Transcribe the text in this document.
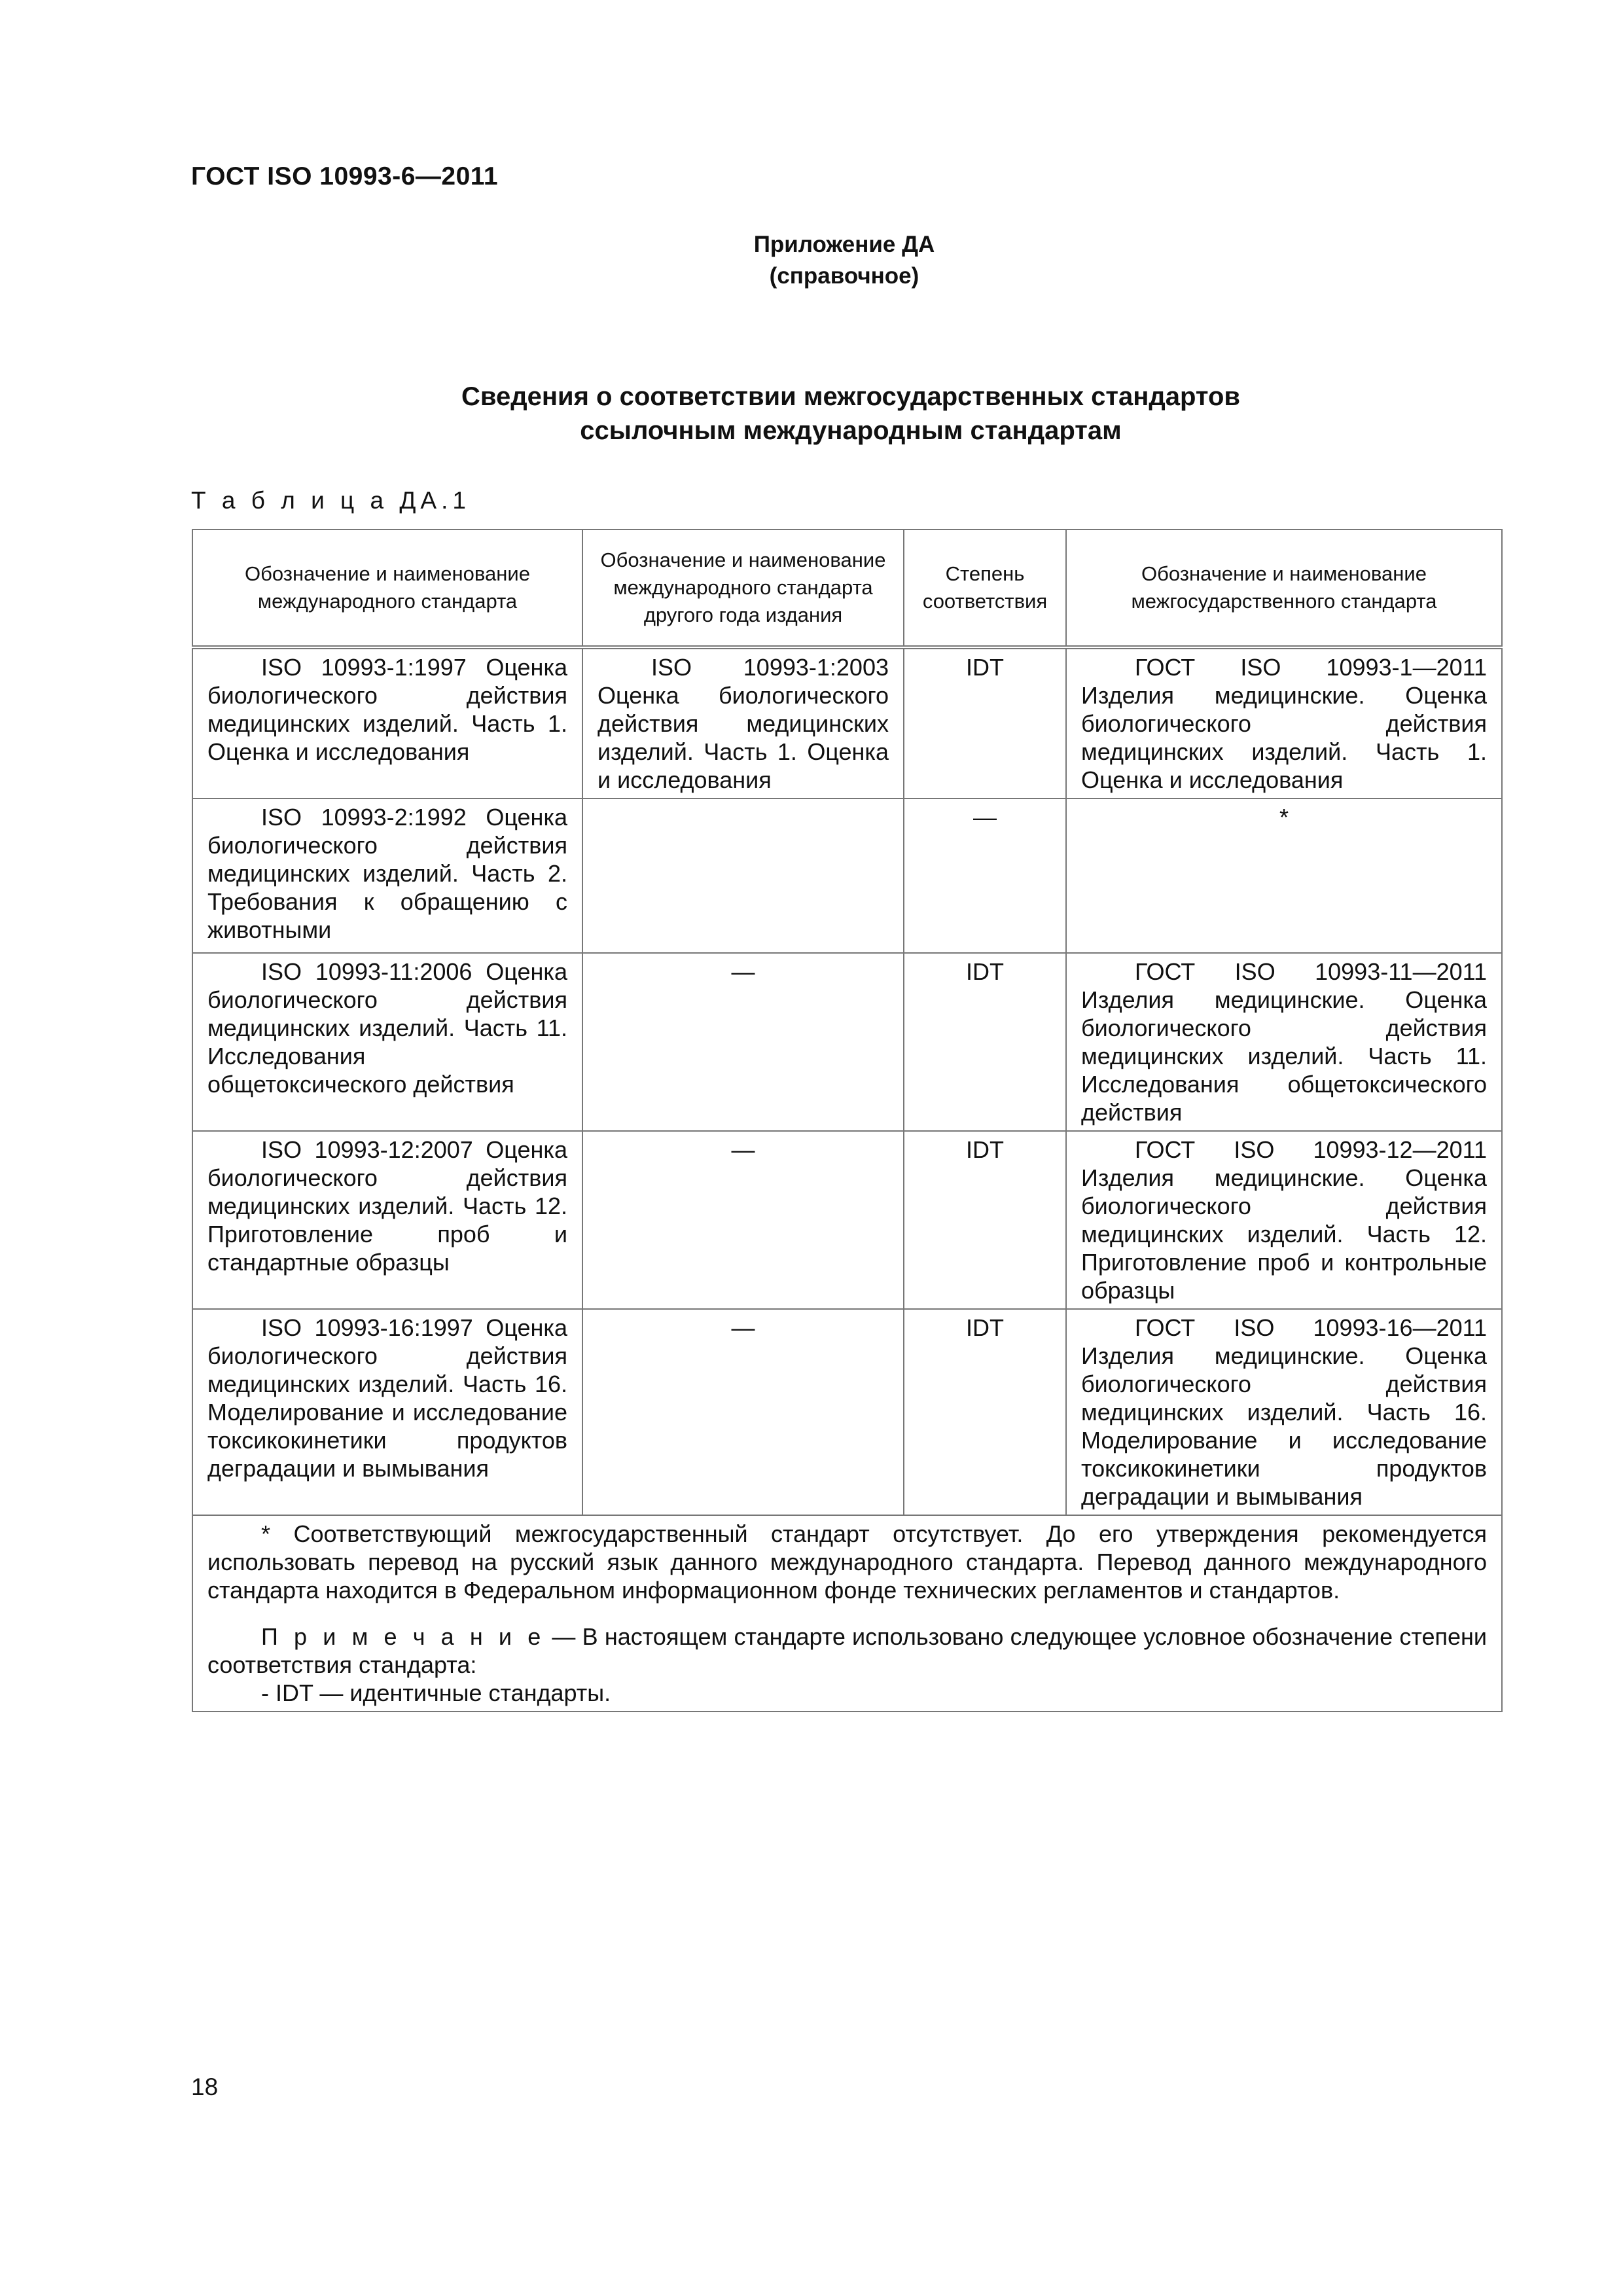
ГОСТ ISO 10993-6—2011
Приложение ДА
(справочное)
Сведения о соответствии межгосударственных стандартов
ссылочным международным стандартам
Т а б л и ц а ДА.1
Обозначение и наименование международного стандарта	Обозначение и наименование международного стандарта другого года издания	Степень соответствия	Обозначение и наименование межгосударственного стандарта
ISO 10993-1:1997 Оценка биологического действия медицинских изделий. Часть 1. Оценка и исследования	ISO 10993-1:2003 Оценка биологического действия медицинских изделий. Часть 1. Оценка и исследования	IDT	ГОСТ ISO 10993-1—2011 Изделия медицинские. Оценка биологического действия медицинских изделий. Часть 1. Оценка и исследования
ISO 10993-2:1992 Оценка биологического действия медицинских изделий. Часть 2. Требования к обращению с животными		—	*
ISO 10993-11:2006 Оценка биологического действия медицинских изделий. Часть 11. Исследования общетоксического действия	—	IDT	ГОСТ ISO 10993-11—2011 Изделия медицинские. Оценка биологического действия медицинских изделий. Часть 11. Исследования общетоксического действия
ISO 10993-12:2007 Оценка биологического действия медицинских изделий. Часть 12. Приготовление проб и стандартные образцы	—	IDT	ГОСТ ISO 10993-12—2011 Изделия медицинские. Оценка биологического действия медицинских изделий. Часть 12. Приготовление проб и контрольные образцы
ISO 10993-16:1997 Оценка биологического действия медицинских изделий. Часть 16. Моделирование и исследование токсикокинетики продуктов деградации и вымывания	—	IDT	ГОСТ ISO 10993-16—2011 Изделия медицинские. Оценка биологического действия медицинских изделий. Часть 16. Моделирование и исследование токсикокинетики продуктов деградации и вымывания

* Соответствующий межгосударственный стандарт отсутствует. До его утверждения рекомендуется использовать перевод на русский язык данного международного стандарта. Перевод данного международного стандарта находится в Федеральном информационном фонде технических регламентов и стандартов.

П р и м е ч а н и е — В настоящем стандарте использовано следующее условное обозначение степени соответствия стандарта:

- IDT — идентичные стандарты.			

18
